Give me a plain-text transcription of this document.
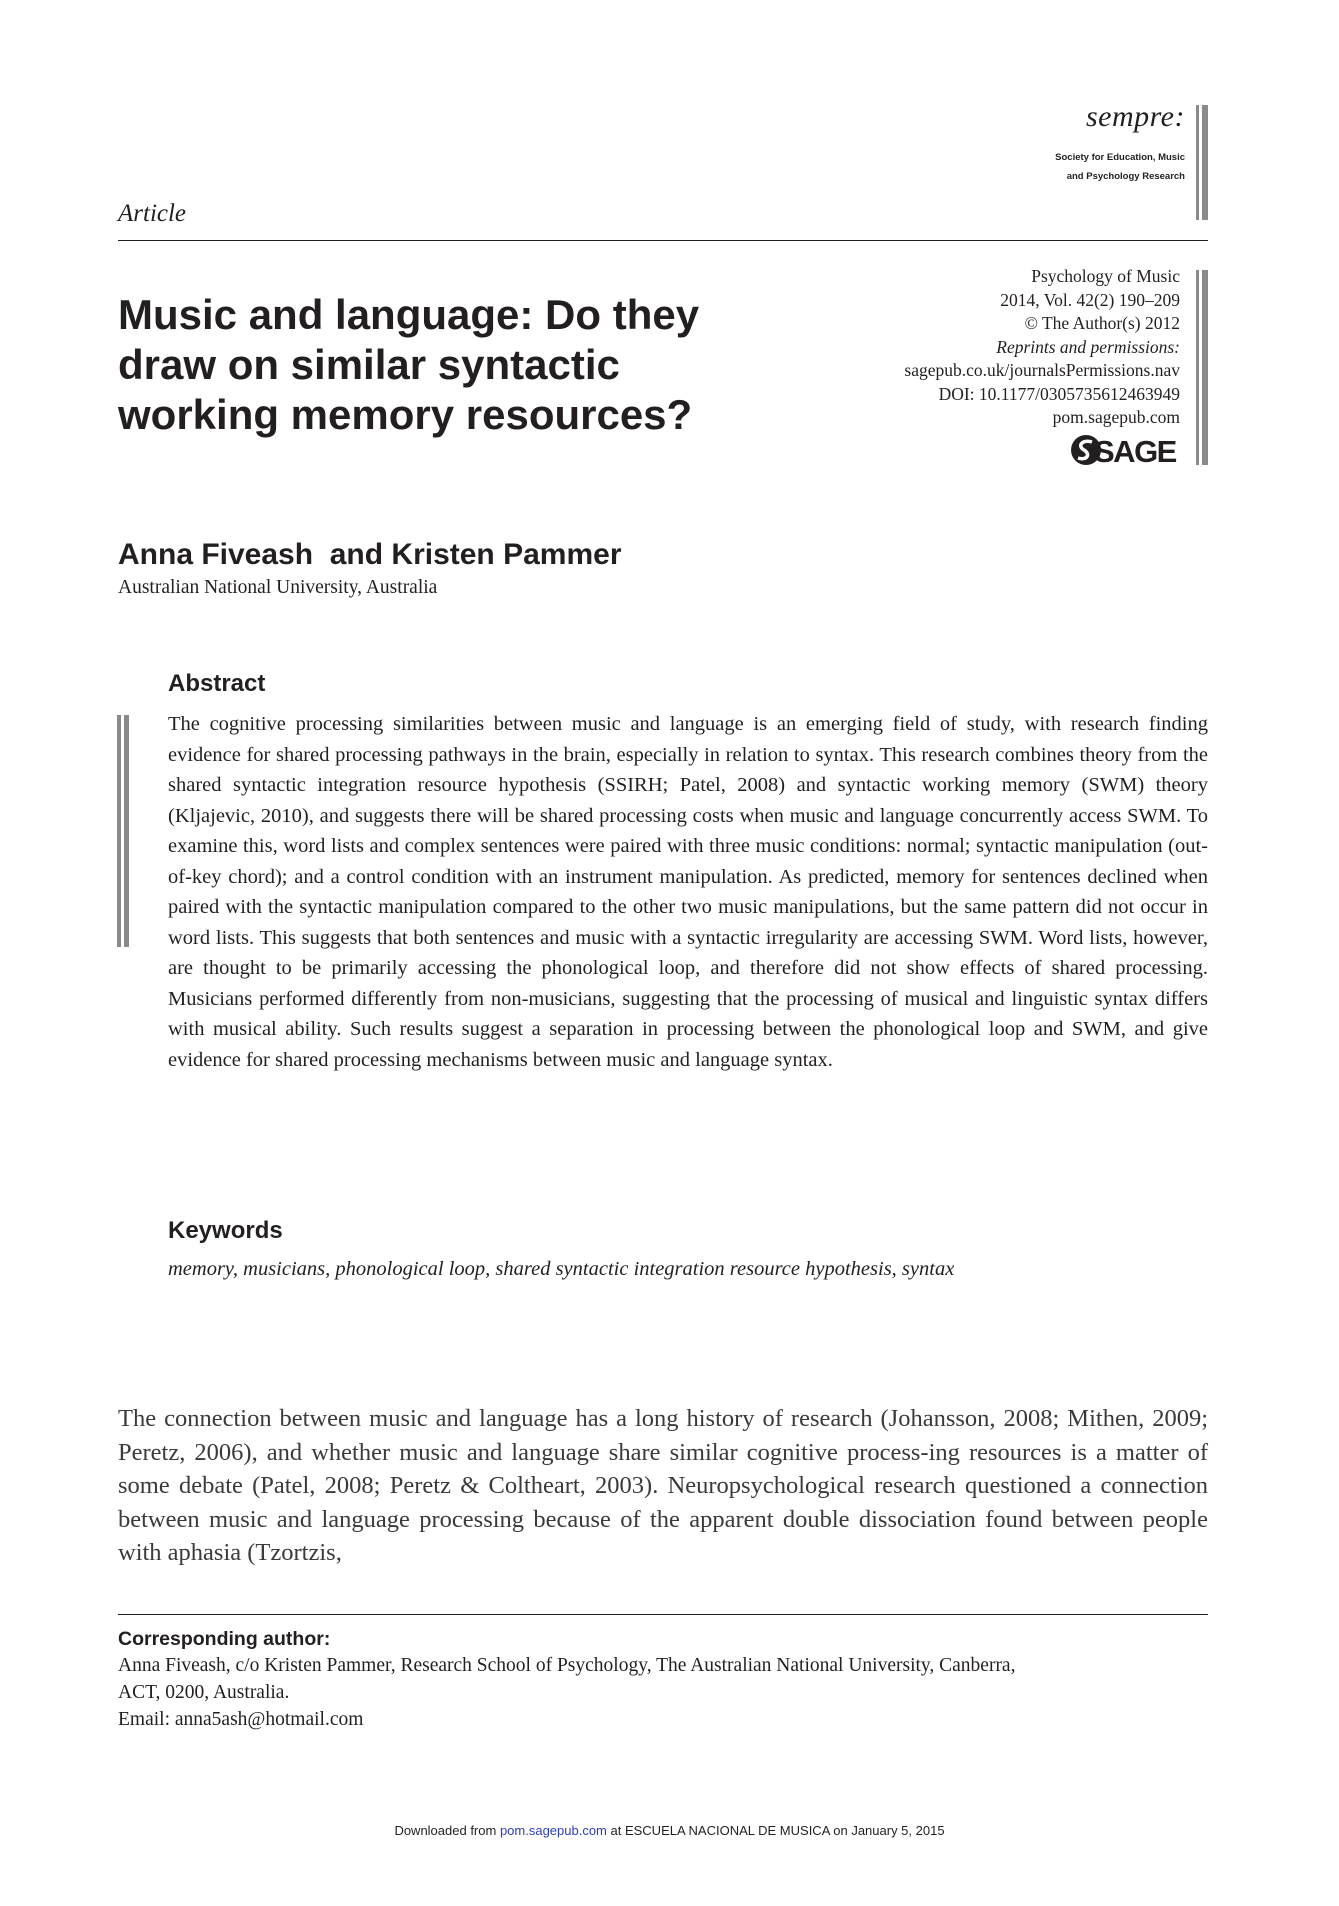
sempre:
Society for Education, Music
and Psychology Research
Article
Music and language: Do they
draw on similar syntactic
working memory resources?
Psychology of Music
2014, Vol. 42(2) 190–209
© The Author(s) 2012
Reprints and permissions:
sagepub.co.uk/journalsPermissions.nav
DOI: 10.1177/0305735612463949
pom.sagepub.com
SAGE
Anna Fiveash  and Kristen Pammer
Australian National University, Australia
Abstract
The cognitive processing similarities between music and language is an emerging field of study, with research finding evidence for shared processing pathways in the brain, especially in relation to syntax. This research combines theory from the shared syntactic integration resource hypothesis (SSIRH; Patel, 2008) and syntactic working memory (SWM) theory (Kljajevic, 2010), and suggests there will be shared processing costs when music and language concurrently access SWM. To examine this, word lists and complex sentences were paired with three music conditions: normal; syntactic manipulation (out-of-key chord); and a control condition with an instrument manipulation. As predicted, memory for sentences declined when paired with the syntactic manipulation compared to the other two music manipulations, but the same pattern did not occur in word lists. This suggests that both sentences and music with a syntactic irregularity are accessing SWM. Word lists, however, are thought to be primarily accessing the phonological loop, and therefore did not show effects of shared processing. Musicians performed differently from non-musicians, suggesting that the processing of musical and linguistic syntax differs with musical ability. Such results suggest a separation in processing between the phonological loop and SWM, and give evidence for shared processing mechanisms between music and language syntax.
Keywords
memory, musicians, phonological loop, shared syntactic integration resource hypothesis, syntax
The connection between music and language has a long history of research (Johansson, 2008; Mithen, 2009; Peretz, 2006), and whether music and language share similar cognitive process-ing resources is a matter of some debate (Patel, 2008; Peretz & Coltheart, 2003). Neuropsychological research questioned a connection between music and language processing because of the apparent double dissociation found between people with aphasia (Tzortzis,
Corresponding author:
Anna Fiveash, c/o Kristen Pammer, Research School of Psychology, The Australian National University, Canberra,
ACT, 0200, Australia.
Email: anna5ash@hotmail.com
Downloaded from pom.sagepub.com at ESCUELA NACIONAL DE MUSICA on January 5, 2015
